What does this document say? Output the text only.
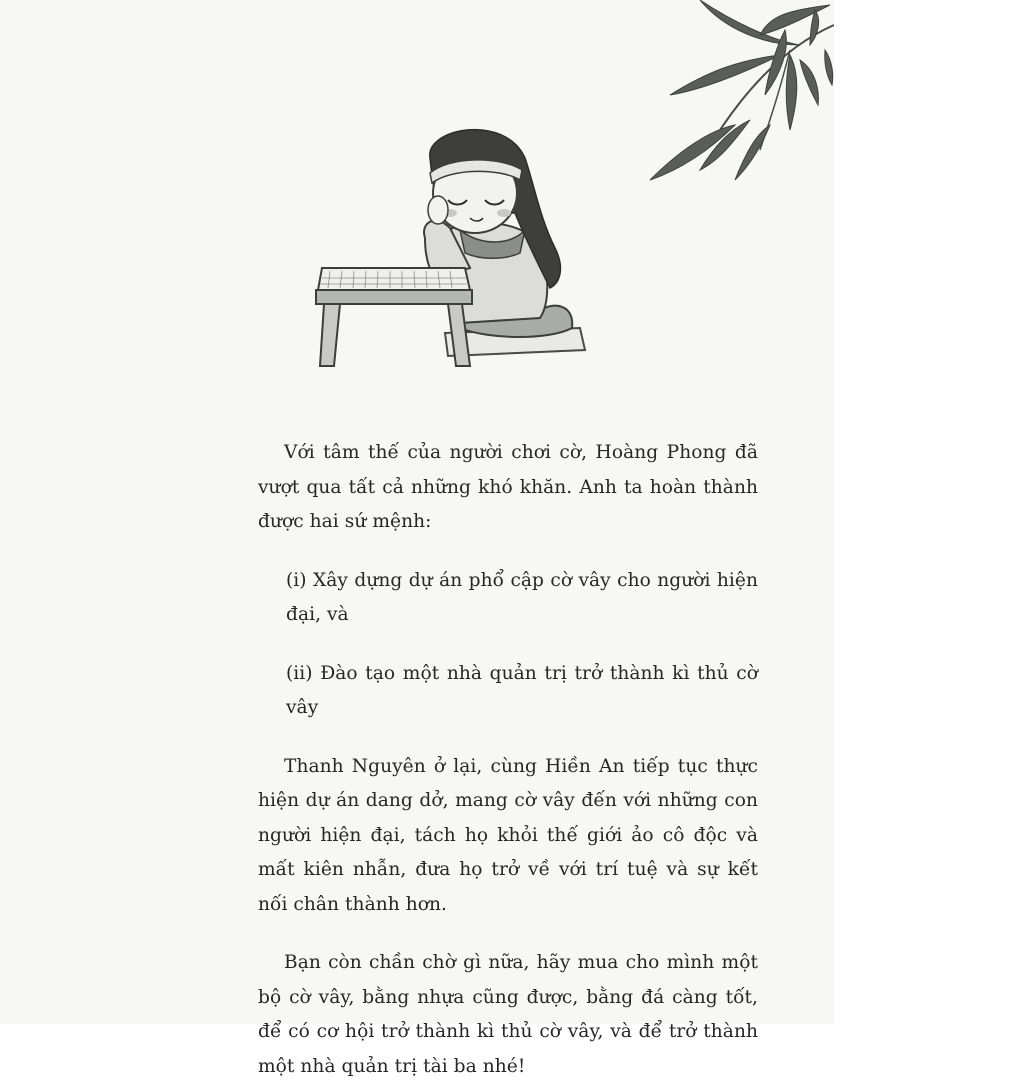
Với tâm thế của người chơi cờ, Hoàng Phong đã vượt qua tất cả những khó khăn. Anh ta hoàn thành được hai sứ mệnh:

(i) Xây dựng dự án phổ cập cờ vây cho người hiện đại, và

(ii) Đào tạo một nhà quản trị trở thành kì thủ cờ vây

Thanh Nguyên ở lại, cùng Hiền An tiếp tục thực hiện dự án dang dở, mang cờ vây đến với những con người hiện đại, tách họ khỏi thế giới ảo cô độc và mất kiên nhẫn, đưa họ trở về với trí tuệ và sự kết nối chân thành hơn.

Bạn còn chần chờ gì nữa, hãy mua cho mình một bộ cờ vây, bằng nhựa cũng được, bằng đá càng tốt, để có cơ hội trở thành kì thủ cờ vây, và để trở thành một nhà quản trị tài ba nhé!
